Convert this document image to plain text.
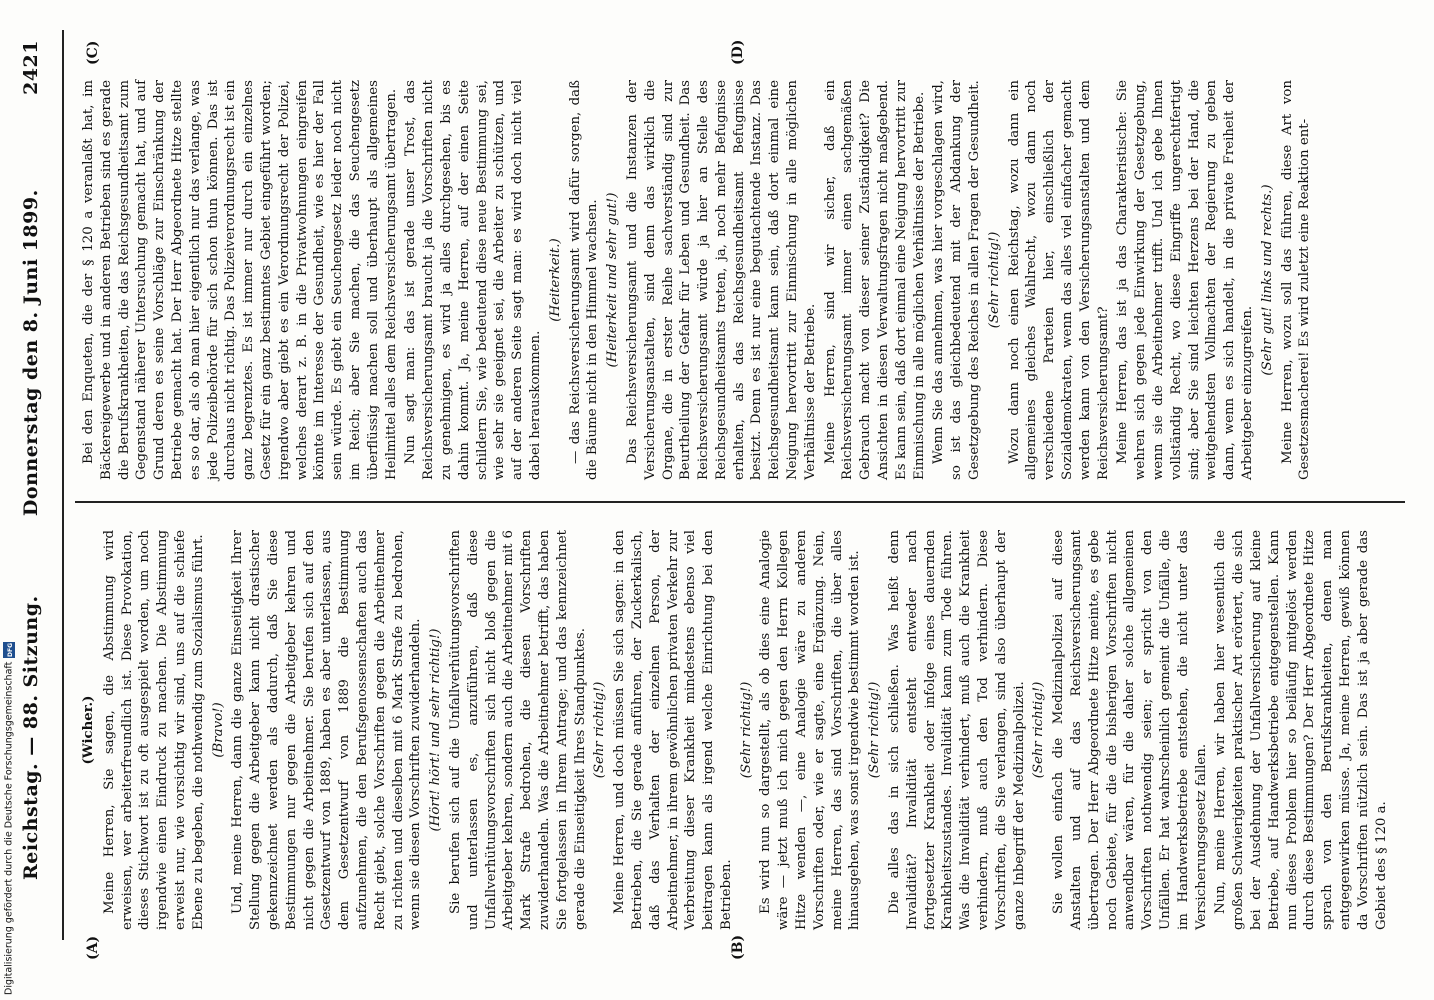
Reichstag. — 88. Sitzung.
Donnerstag den 8. Juni 1899.
2421
(A)	(B)
(C)	(D)
(Wicher.) Meine Herren, Sie sagen, die Abstimmung wird erweisen, wer arbeiterfreundlich ist. Diese Provokation, dieses Stichwort ist zu oft ausgespielt worden, um noch irgendwie einen Eindruck zu machen. Die Abstimmung erweist nur, wie vorsichtig wir sind, uns auf die schiefe Ebene zu begeben, die nothwendig zum Sozialismus führt. (Bravo!) Und, meine Herren, dann die ganze Einseitigkeit Ihrer Stellung gegen die Arbeitgeber kann nicht drastischer gekennzeichnet werden als dadurch, daß Sie diese Bestimmungen nur gegen die Arbeitgeber kehren und nicht gegen die Arbeitnehmer. Sie berufen sich auf den Gesetzentwurf von 1889, haben es aber unterlassen, aus dem Gesetzentwurf von 1889 die Bestimmung aufzunehmen, die den Berufsgenossenschaften auch das Recht giebt, solche Vorschriften gegen die Arbeitnehmer zu richten und dieselben mit 6 Mark Strafe zu bedrohen, wenn sie diesen Vorschriften zuwiderhandeln. (Hört! hört! und sehr richtig!) Sie berufen sich auf die Unfallverhütungsvorschriften und unterlassen es, anzuführen, daß diese Unfallverhütungsvorschriften sich nicht bloß gegen die Arbeitgeber kehren, sondern auch die Arbeitnehmer mit 6 Mark Strafe bedrohen, die diesen Vorschriften zuwiderhandeln. Was die Arbeitnehmer betrifft, das haben Sie fortgelassen in Ihrem Antrage; und das kennzeichnet gerade die Einseitigkeit Ihres Standpunktes. (Sehr richtig!) Meine Herren, und doch müssen Sie sich sagen: in den Betrieben, die Sie gerade anführen, der Zuckerkalisch, daß das Verhalten der einzelnen Person, der Arbeitnehmer, in ihrem gewöhnlichen privaten Verkehr zur Verbreitung dieser Krankheit mindestens ebenso viel beitragen kann als irgend welche Einrichtung bei den Betrieben.

(Sehr richtig!) Es wird nun so dargestellt, als ob dies eine Analogie wäre — jetzt muß ich mich gegen den Herrn Kollegen Hitze wenden —, eine Analogie wäre zu anderen Vorschriften oder, wie er sagte, eine Ergänzung. Nein, meine Herren, das sind Vorschriften, die über alles hinausgehen, was sonst irgendwie bestimmt worden ist. (Sehr richtig!) Die alles das in sich schließen. Was heißt denn Invalidität? Invalidität entsteht entweder nach fortgesetzter Krankheit oder infolge eines dauernden Krankheitszustandes. Invalidität kann zum Tode führen. Was die Invalidität verhindert, muß auch die Krankheit verhindern, muß auch den Tod verhindern. Diese Vorschriften, die Sie verlangen, sind also überhaupt der ganze Inbegriff der Medizinalpolizei. (Sehr richtig!) Sie wollen einfach die Medizinalpolizei auf diese Anstalten und auf das Reichsversicherungsamt übertragen. Der Herr Abgeordnete Hitze meinte, es gebe noch Gebiete, für die die bisherigen Vorschriften nicht anwendbar wären, für die daher solche allgemeinen Vorschriften nothwendig seien; er spricht von den Unfällen. Er hat wahrscheinlich gemeint die Unfälle, die im Handwerksbetriebe entstehen, die nicht unter das Versicherungsgesetz fallen. Nun, meine Herren, wir haben hier wesentlich die großen Schwierigkeiten praktischer Art erörtert, die sich bei der Ausdehnung der Unfallversicherung auf kleine Betriebe, auf Handwerksbetriebe entgegenstellen. Kann nun dieses Problem hier so beiläufig mitgelöst werden durch diese Bestimmungen? Der Herr Abgeordnete Hitze sprach von den Berufskrankheiten, denen man entgegenwirken müsse. Ja, meine Herren, gewiß können da Vorschriften nützlich sein. Das ist ja aber gerade das Gebiet des § 120 a.

Bei den Enqueten, die der § 120 a veranlaßt hat, im Bäckereigewerbe und in anderen Betrieben sind es gerade die Berufskrankheiten, die das Reichsgesundheitsamt zum Gegenstand näherer Untersuchung gemacht hat, und auf Grund deren es seine Vorschläge zur Einschränkung der Betriebe gemacht hat. Der Herr Abgeordnete Hitze stellte es so dar, als ob man hier eigentlich nur das verlange, was jede Polizeibehörde für sich schon thun können. Das ist durchaus nicht richtig. Das Polizeiverordnungsrecht ist ein ganz begrenztes. Es ist immer nur durch ein einzelnes Gesetz für ein ganz bestimmtes Gebiet eingeführt worden; irgendwo aber giebt es ein Verordnungsrecht der Polizei, welches derart z. B. in die Privatwohnungen eingreifen könnte im Interesse der Gesundheit, wie es hier der Fall sein würde. Es giebt ein Seuchengesetz leider noch nicht im Reich; aber Sie machen, die das Seuchengesetz überflüssig machen soll und überhaupt als allgemeines Heilmittel alles dem Reichsversicherungsamt übertragen. Nun sagt man: das ist gerade unser Trost, das Reichsversicherungsamt braucht ja die Vorschriften nicht zu genehmigen, es wird ja alles durchgesehen, bis es dahin kommt. Ja, meine Herren, auf der einen Seite schildern Sie, wie bedeutend diese neue Bestimmung sei, wie sehr sie geeignet sei, die Arbeiter zu schützen, und auf der anderen Seite sagt man: es wird doch nicht viel dabei herauskommen.

(Heiterkeit.) — das Reichsversicherungsamt wird dafür sorgen, daß die Bäume nicht in den Himmel wachsen. (Heiterkeit und sehr gut!) Das Reichsversicherungsamt und die Instanzen der Versicherungsanstalten, sind denn das wirklich die Organe, die in erster Reihe sachverständig sind zur Beurtheilung der Gefahr für Leben und Gesundheit. Das Reichsversicherungsamt würde ja hier an Stelle des Reichsgesundheitsamts treten, ja, noch mehr Befugnisse erhalten, als das Reichsgesundheitsamt Befugnisse besitzt. Denn es ist nur eine begutachtende Instanz. Das Reichsgesundheitsamt kann sein, daß dort einmal eine Neigung hervortritt zur Einmischung in alle möglichen Verhältnisse der Betriebe. Meine Herren, sind wir sicher, daß ein Reichsversicherungsamt immer einen sachgemäßen Gebrauch macht von dieser seiner Zuständigkeit? Die Ansichten in diesen Verwaltungsfragen nicht maßgebend. Es kann sein, daß dort einmal eine Neigung hervortritt zur Einmischung in alle möglichen Verhältnisse der Betriebe. Wenn Sie das annehmen, was hier vorgeschlagen wird, so ist das gleichbedeutend mit der Abdankung der Gesetzgebung des Reiches in allen Fragen der Gesundheit. (Sehr richtig!) Wozu dann noch einen Reichstag, wozu dann ein allgemeines gleiches Wahlrecht, wozu dann noch verschiedene Parteien hier, einschließlich der Sozialdemokraten, wenn das alles viel einfacher gemacht werden kann von den Versicherungsanstalten und dem Reichsversicherungsamt? Meine Herren, das ist ja das Charakteristische: Sie wehren sich gegen jede Einwirkung der Gesetzgebung, wenn sie die Arbeitnehmer trifft. Und ich gebe Ihnen vollständig Recht, wo diese Eingriffe ungerechtfertigt sind; aber Sie sind leichten Herzens bei der Hand, die weitgehendsten Vollmachten der Regierung zu geben dann, wenn es sich handelt, in die private Freiheit der Arbeitgeber einzugreifen.

(Sehr gut! links und rechts.) Meine Herren, wozu soll das führen, diese Art von Gesetzesmacherei! Es wird zuletzt eine Reaktion ent-

Digitalisierung gefördert durch die Deutsche Forschungsgemeinschaft
DFG
